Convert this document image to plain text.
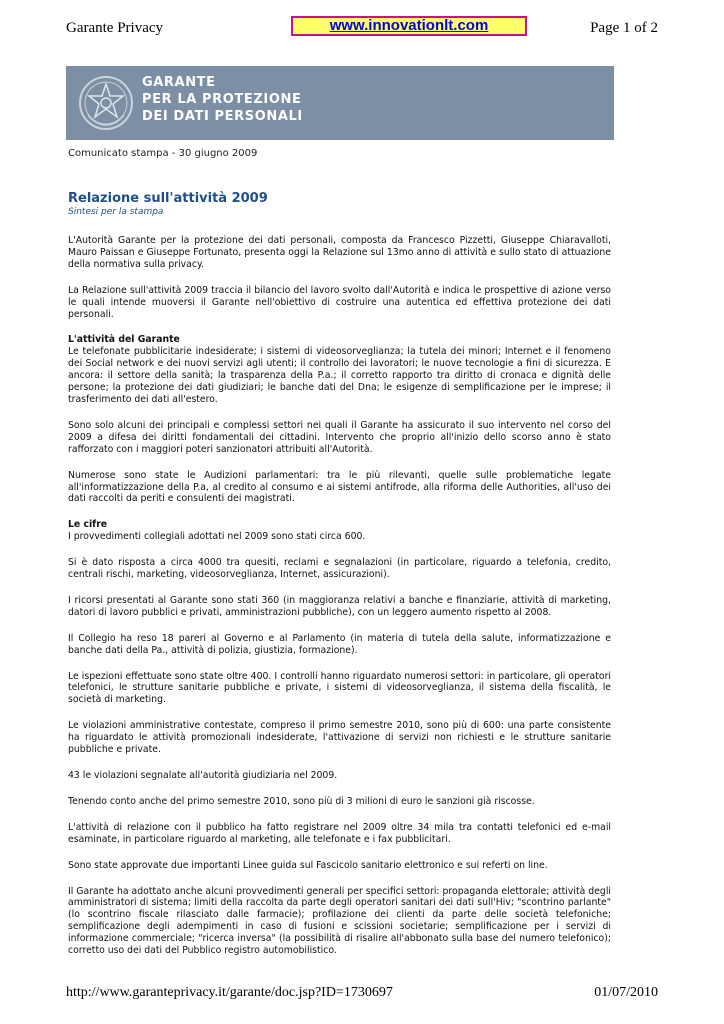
Garante Privacy	www.innovationlt.com	Page 1 of 2
GARANTE
PER LA PROTEZIONE
DEI DATI PERSONALI
Comunicato stampa - 30 giugno 2009
Relazione sull'attività 2009
Sintesi per la stampa

L'Autorità Garante per la protezione dei dati personali, composta da Francesco Pizzetti, Giuseppe Chiaravalloti, Mauro Paissan e Giuseppe Fortunato, presenta oggi la Relazione sul 13mo anno di attività e sullo stato di attuazione della normativa sulla privacy.

La Relazione sull'attività 2009 traccia il bilancio del lavoro svolto dall'Autorità e indica le prospettive di azione verso le quali intende muoversi il Garante nell'obiettivo di costruire una autentica ed effettiva protezione dei dati personali.

L'attività del Garante

Le telefonate pubblicitarie indesiderate; i sistemi di videosorveglianza; la tutela dei minori; Internet e il fenomeno dei Social network e dei nuovi servizi agli utenti; il controllo dei lavoratori; le nuove tecnologie a fini di sicurezza. E ancora: il settore della sanità; la trasparenza della P.a.; il corretto rapporto tra diritto di cronaca e dignità delle persone; la protezione dei dati giudiziari; le banche dati del Dna; le esigenze di semplificazione per le imprese; il trasferimento dei dati all'estero.

Sono solo alcuni dei principali e complessi settori nei quali il Garante ha assicurato il suo intervento nel corso del 2009 a difesa dei diritti fondamentali dei cittadini. Intervento che proprio all'inizio dello scorso anno è stato rafforzato con i maggiori poteri sanzionatori attribuiti all'Autorità.

Numerose sono state le Audizioni parlamentari: tra le più rilevanti, quelle sulle problematiche legate all'informatizzazione della P.a, al credito al consumo e ai sistemi antifrode, alla riforma delle Authorities, all'uso dei dati raccolti da periti e consulenti dei magistrati.

Le cifre

I provvedimenti collegiali adottati nel 2009 sono stati circa 600.

Si è dato risposta a circa 4000 tra quesiti, reclami e segnalazioni (in particolare, riguardo a telefonia, credito, centrali rischi, marketing, videosorveglianza, Internet, assicurazioni).

I ricorsi presentati al Garante sono stati 360 (in maggioranza relativi a banche e finanziarie, attività di marketing, datori di lavoro pubblici e privati, amministrazioni pubbliche), con un leggero aumento rispetto al 2008.

Il Collegio ha reso 18 pareri al Governo e al Parlamento (in materia di tutela della salute, informatizzazione e banche dati della Pa., attività di polizia, giustizia, formazione).

Le ispezioni effettuate sono state oltre 400. I controlli hanno riguardato numerosi settori: in particolare, gli operatori telefonici, le strutture sanitarie pubbliche e private, i sistemi di videosorveglianza, il sistema della fiscalità, le società di marketing.

Le violazioni amministrative contestate, compreso il primo semestre 2010, sono più di 600: una parte consistente ha riguardato le attività promozionali indesiderate, l'attivazione di servizi non richiesti e le strutture sanitarie pubbliche e private.

43 le violazioni segnalate all'autorità giudiziaria nel 2009.

Tenendo conto anche del primo semestre 2010, sono più di 3 milioni di euro le sanzioni già riscosse.

L'attività di relazione con il pubblico ha fatto registrare nel 2009 oltre 34 mila tra contatti telefonici ed e-mail esaminate, in particolare riguardo al marketing, alle telefonate e i fax pubblicitari.

Sono state approvate due importanti Linee guida sul Fascicolo sanitario elettronico e sui referti on line.

Il Garante ha adottato anche alcuni provvedimenti generali per specifici settori: propaganda elettorale; attività degli amministratori di sistema; limiti della raccolta da parte degli operatori sanitari dei dati sull'Hiv; "scontrino parlante" (lo scontrino fiscale rilasciato dalle farmacie); profilazione dei clienti da parte delle società telefoniche; semplificazione degli adempimenti in caso di fusioni e scissioni societarie; semplificazione per i servizi di informazione commerciale; "ricerca inversa" (la possibilità di risalire all'abbonato sulla base del numero telefonico); corretto uso dei dati del Pubblico registro automobilistico.

http://www.garanteprivacy.it/garante/doc.jsp?ID=1730697	01/07/2010
